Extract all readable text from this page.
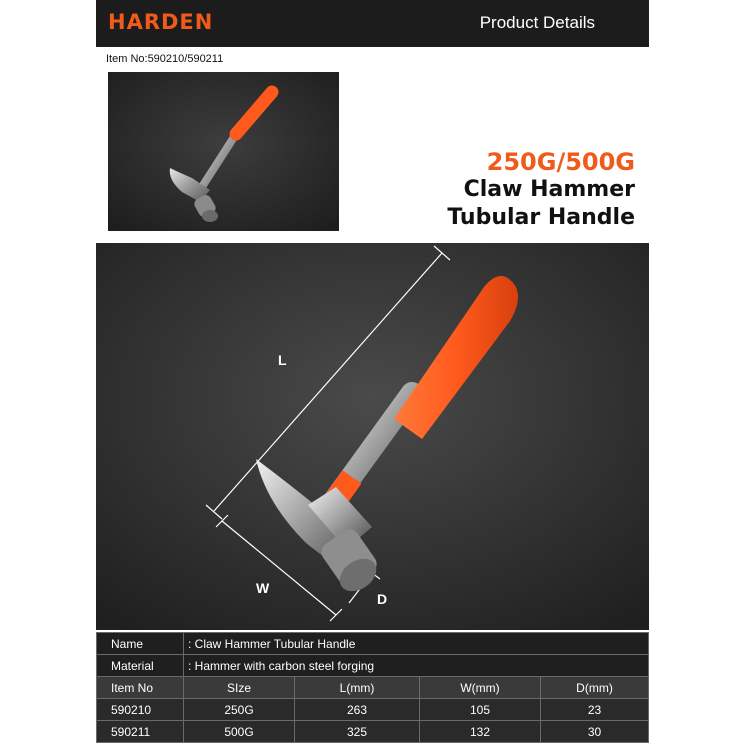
HARDEN	Product Details
Item No:590210/590211
250G/500G
Claw Hammer
Tubular Handle
L
W
D
Name	: Claw Hammer Tubular Handle			
Material	: Hammer with carbon steel forging			
Item No	SIze	L(mm)	W(mm)	D(mm)
590210	250G	263	105	23
590211	500G	325	132	30
